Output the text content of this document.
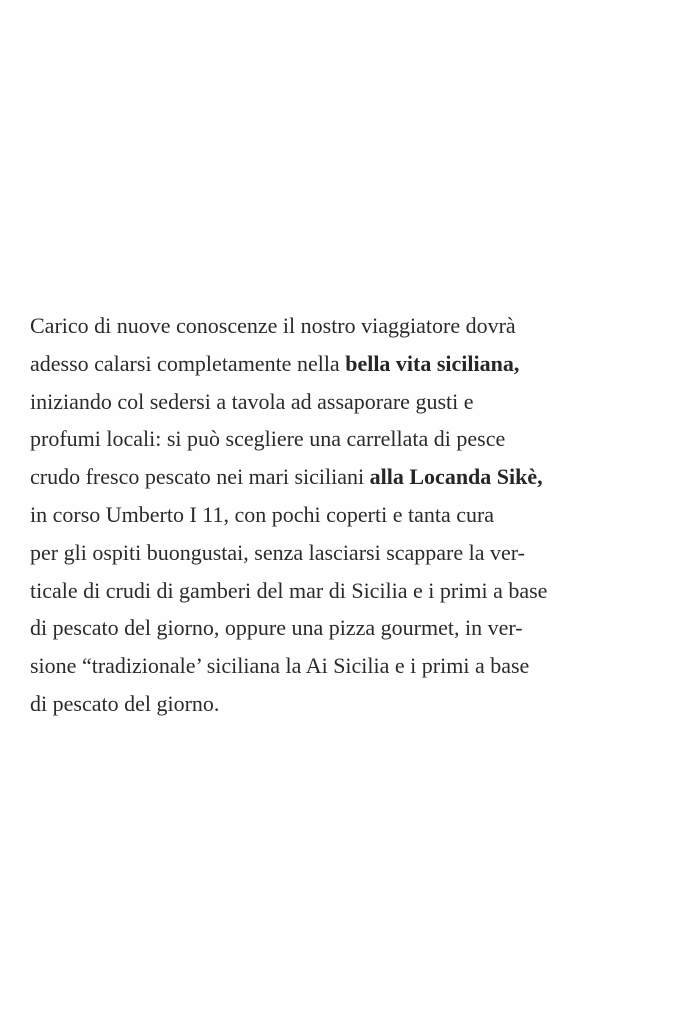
Carico di nuove conoscenze il nostro viaggiatore dovrà
adesso calarsi completamente nella bella vita siciliana,
iniziando col sedersi a tavola ad assaporare gusti e
profumi locali: si può scegliere una carrellata di pesce
crudo fresco pescato nei mari siciliani alla Locanda Sikè,
in corso Umberto I 11, con pochi coperti e tanta cura
per gli ospiti buongustai, senza lasciarsi scappare la ver-
ticale di crudi di gamberi del mar di Sicilia e i primi a base
di pescato del giorno, oppure una pizza gourmet, in ver-
sione “tradizionale’ siciliana la Ai Sicilia e i primi a base
di pescato del giorno.
